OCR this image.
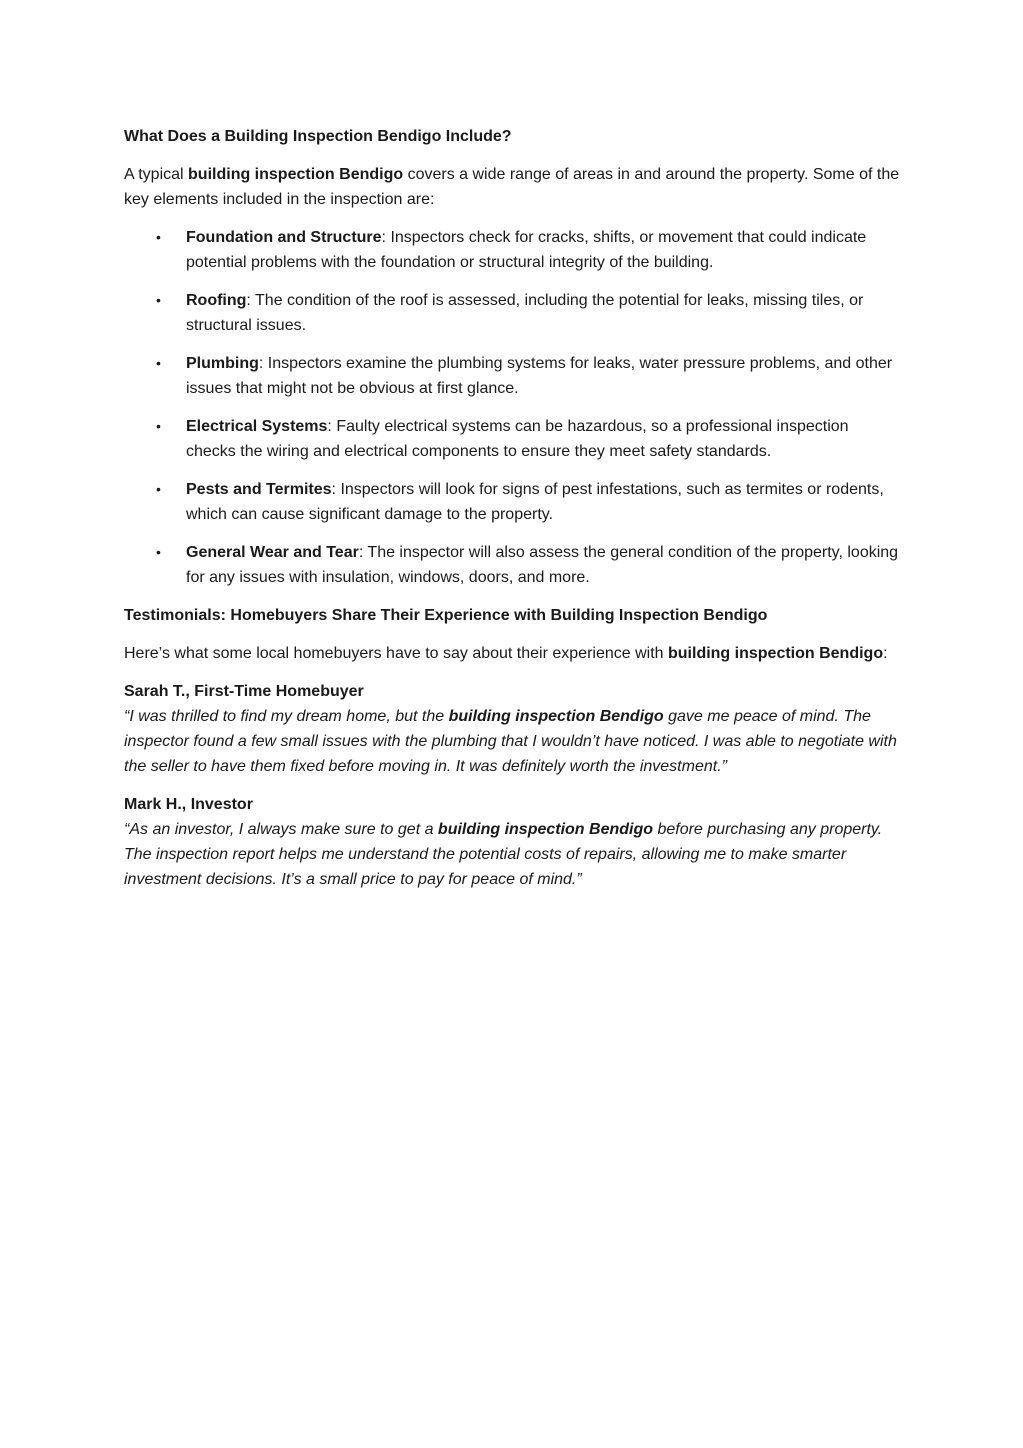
What Does a Building Inspection Bendigo Include?

A typical building inspection Bendigo covers a wide range of areas in and around the property. Some of the key elements included in the inspection are:

• Foundation and Structure: Inspectors check for cracks, shifts, or movement that could indicate potential problems with the foundation or structural integrity of the building.
• Roofing: The condition of the roof is assessed, including the potential for leaks, missing tiles, or structural issues.
• Plumbing: Inspectors examine the plumbing systems for leaks, water pressure problems, and other issues that might not be obvious at first glance.
• Electrical Systems: Faulty electrical systems can be hazardous, so a professional inspection checks the wiring and electrical components to ensure they meet safety standards.
• Pests and Termites: Inspectors will look for signs of pest infestations, such as termites or rodents, which can cause significant damage to the property.
• General Wear and Tear: The inspector will also assess the general condition of the property, looking for any issues with insulation, windows, doors, and more.
Testimonials: Homebuyers Share Their Experience with Building Inspection Bendigo

Here’s what some local homebuyers have to say about their experience with building inspection Bendigo:

Sarah T., First-Time Homebuyer
“I was thrilled to find my dream home, but the building inspection Bendigo gave me peace of mind. The inspector found a few small issues with the plumbing that I wouldn’t have noticed. I was able to negotiate with the seller to have them fixed before moving in. It was definitely worth the investment.”
Mark H., Investor
“As an investor, I always make sure to get a building inspection Bendigo before purchasing any property. The inspection report helps me understand the potential costs of repairs, allowing me to make smarter investment decisions. It’s a small price to pay for peace of mind.”
